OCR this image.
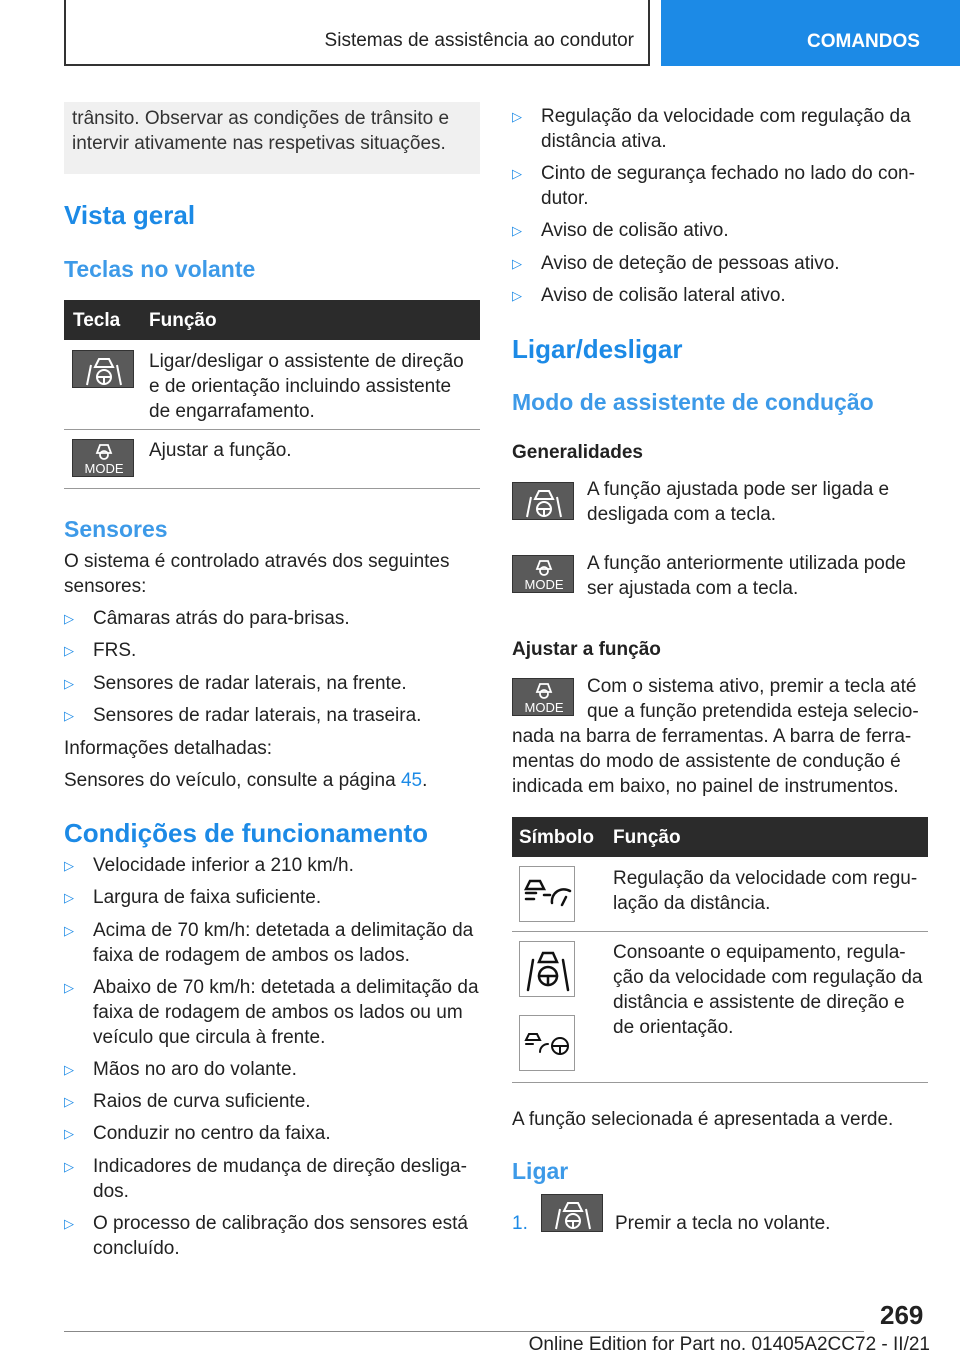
Sistemas de assistência ao condutor	COMANDOS
trânsito. Observar as condições de trânsito e
intervir ativamente nas respetivas situações.
Vista geral
Teclas no volante
Tecla Função
Ligar/desligar o assistente de direção
e de orientação incluindo assistente
de engarrafamento.
MODE
Ajustar a função.
Sensores
O sistema é controlado através dos seguintes
sensores:
▷ Câmaras atrás do para-brisas.
▷ FRS.
▷ Sensores de radar laterais, na frente.
▷ Sensores de radar laterais, na traseira.
Informações detalhadas:
Sensores do veículo, consulte a página 45.
Condições de funcionamento
▷ Velocidade inferior a 210 km/h.
▷ Largura de faixa suficiente.
▷ Acima de 70 km/h: detetada a delimitação da
faixa de rodagem de ambos os lados.
▷ Abaixo de 70 km/h: detetada a delimitação da
faixa de rodagem de ambos os lados ou um
veículo que circula à frente.
▷ Mãos no aro do volante.
▷ Raios de curva suficiente.
▷ Conduzir no centro da faixa.
▷ Indicadores de mudança de direção desliga-
dos.
▷ O processo de calibração dos sensores está
concluído.
▷ Regulação da velocidade com regulação da
distância ativa.
▷ Cinto de segurança fechado no lado do con-
dutor.
▷ Aviso de colisão ativo.
▷ Aviso de deteção de pessoas ativo.
▷ Aviso de colisão lateral ativo.
Ligar/desligar
Modo de assistente de condução
Generalidades
A função ajustada pode ser ligada e
desligada com a tecla.
MODE
A função anteriormente utilizada pode
ser ajustada com a tecla.
Ajustar a função
MODE
Com o sistema ativo, premir a tecla até
que a função pretendida esteja selecio-
nada na barra de ferramentas. A barra de ferra-
mentas do modo de assistente de condução é
indicada em baixo, no painel de instrumentos.
Símbolo Função
Regulação da velocidade com regu-
lação da distância.
Consoante o equipamento, regula-
ção da velocidade com regulação da
distância e assistente de direção e
de orientação.
A função selecionada é apresentada a verde.
Ligar
1.	Premir a tecla no volante.
269
Online Edition for Part no. 01405A2CC72 - II/21
